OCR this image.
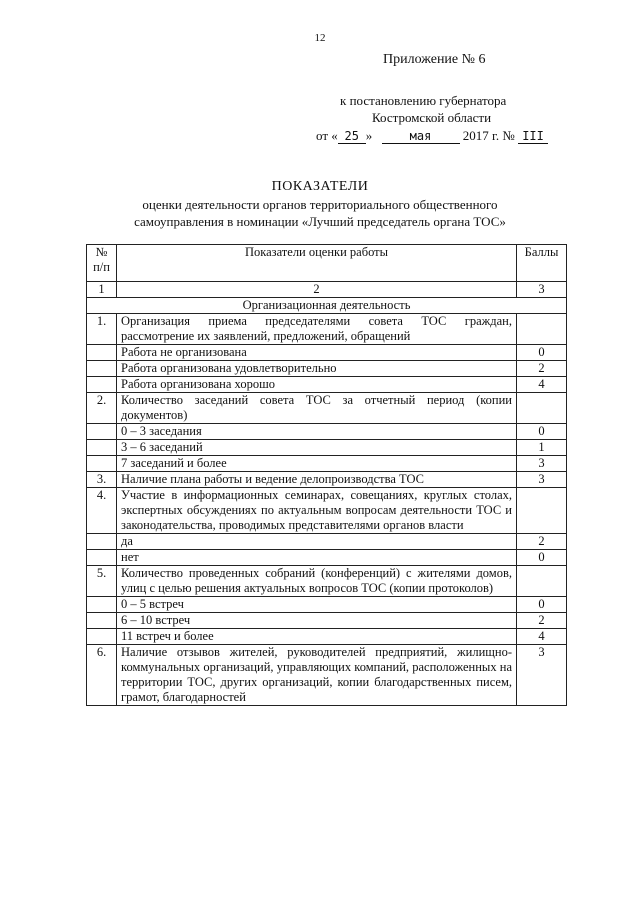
12
Приложение № 6
к постановлению губернатора
Костромской области
от « 25 »	мая 2017 г. № III
ПОКАЗАТЕЛИ
оценки деятельности органов территориального общественного
самоуправления в номинации «Лучший председатель органа ТОС»
№
п/п	Показатели оценки работы	Баллы
1	2	3
Организационная деятельность		
1.	Организация приема председателями совета ТОС граждан, рассмотрение их заявлений, предложений, обращений	
	Работа не организована	0
	Работа организована удовлетворительно	2
	Работа организована хорошо	4
2.	Количество заседаний совета ТОС за отчетный период (копии документов)	
	0 – 3 заседания	0
	3 – 6 заседаний	1
	7 заседаний и более	3
3.	Наличие плана работы и ведение делопроизводства ТОС	3
4.	Участие в информационных семинарах, совещаниях, круглых столах, экспертных обсуждениях по актуальным вопросам деятельности ТОС и законодательства, проводимых представителями органов власти	
	да	2
	нет	0
5.	Количество проведенных собраний (конференций) с жителями домов, улиц с целью решения актуальных вопросов ТОС (копии протоколов)	
	0 – 5 встреч	0
	6 – 10 встреч	2
	11 встреч и более	4
6.	Наличие отзывов жителей, руководителей предприятий, жилищно-коммунальных организаций, управляющих компаний, расположенных на территории ТОС, других организаций, копии благодарственных писем, грамот, благодарностей	3
